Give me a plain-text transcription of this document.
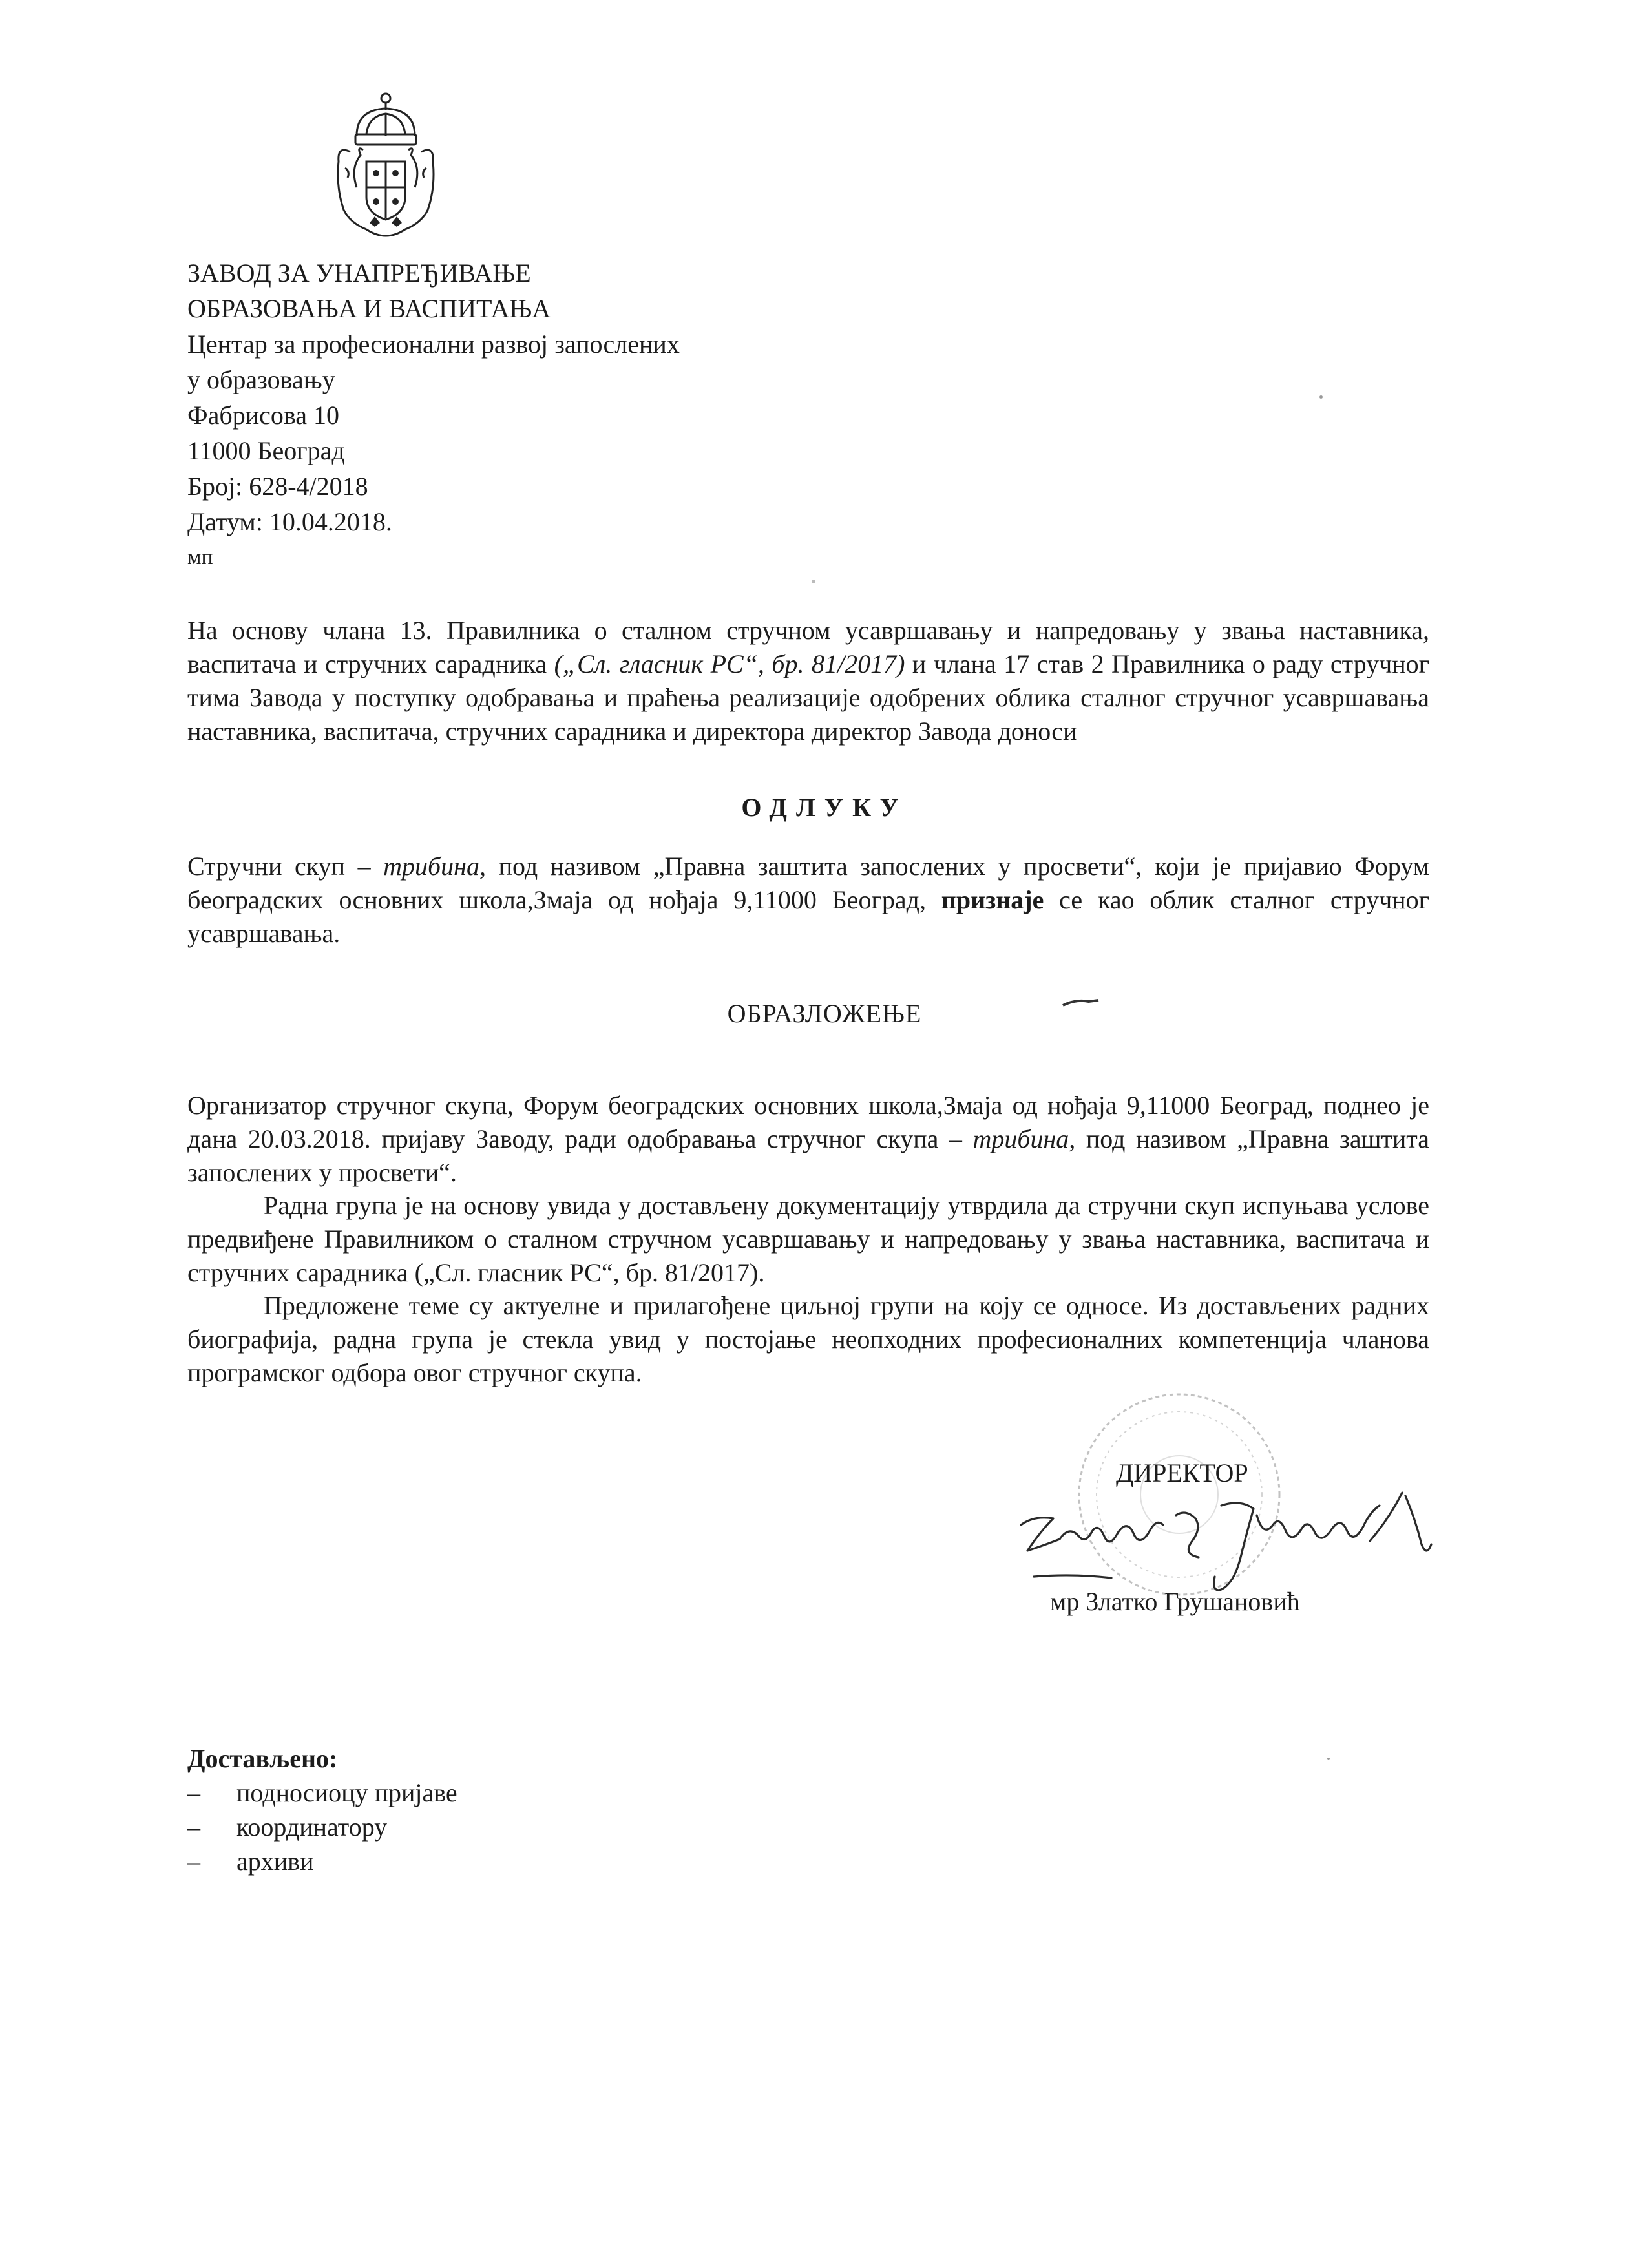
ЗАВОД ЗА УНАПРЕЂИВАЊЕ
ОБРАЗОВАЊА И ВАСПИТАЊА
Центар за професионални развој запослених
у образовању
Фабрисова 10
11000 Београд
Број: 628-4/2018
Датум: 10.04.2018.
мп
На основу члана 13. Правилника о сталном стручном усавршавању и напредовању у звања наставника, васпитача и стручних сарадника („Сл. гласник РС“, бр. 81/2017) и члана 17 став 2 Правилника о раду стручног тима Завода у поступку одобравања и праћења реализације одобрених облика сталног стручног усавршавања наставника, васпитача, стручних сарадника и директора директор Завода доноси
ОДЛУКУ
Стручни скуп – трибина, под називом „Правна заштита запослених у просвети“, који је пријавио Форум београдских основних школа,Змаја од нођаја 9,11000 Београд, признаје се као облик сталног стручног усавршавања.
ОБРАЗЛОЖЕЊЕ
Организатор стручног скупа, Форум београдских основних школа,Змаја од нођаја 9,11000 Београд, поднео је дана 20.03.2018. пријаву Заводу, ради одобравања стручног скупа – трибина, под називом „Правна заштита запослених у просвети“.
Радна група је на основу увида у достављену документацију утврдила да стручни скуп испуњава услове предвиђене Правилником о сталном стручном усавршавању и напредовању у звања наставника, васпитача и стручних сарадника („Сл. гласник РС“, бр. 81/2017).
Предложене теме су актуелне и прилагођене циљној групи на коју се односе. Из достављених радних биографија, радна група је стекла увид у постојање неопходних професионалних компетенција чланова програмског одбора овог стручног скупа.
ДИРЕКТОР
мр Златко Грушановић
Достављено:
– подносиоцу пријаве
– координатору
– архиви
